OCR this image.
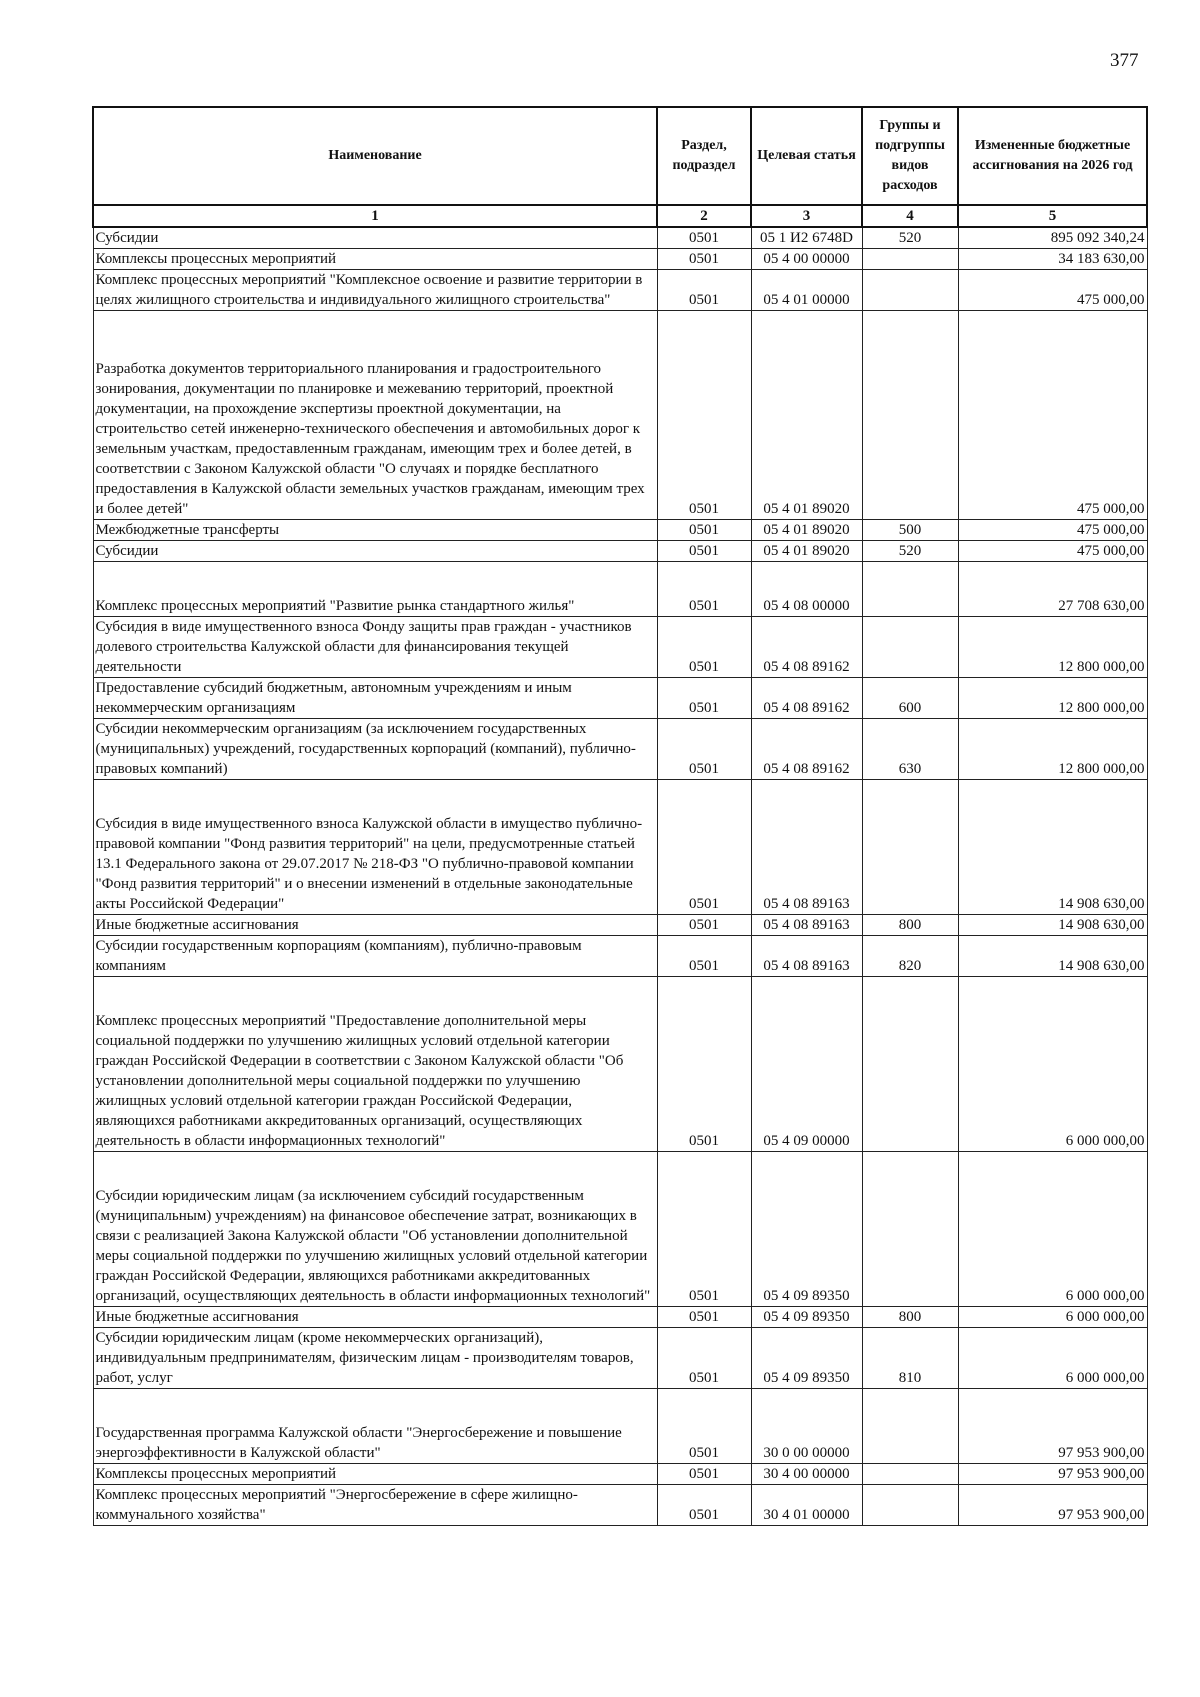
377
Наименование	Раздел, подраздел	Целевая статья	Группы и подгруппы видов расходов	Измененные бюджетные ассигнования на 2026 год
1	2	3	4	5
Субсидии	0501	05 1 И2 6748D	520	895 092 340,24
Комплексы процессных мероприятий	0501	05 4 00 00000		34 183 630,00
Комплекс процессных мероприятий "Комплексное освоение и развитие территории в целях жилищного строительства и индивидуального жилищного строительства"	0501	05 4 01 00000		475 000,00
Разработка документов территориального планирования и градостроительного зонирования, документации по планировке и межеванию территорий, проектной документации, на прохождение экспертизы проектной документации, на строительство сетей инженерно-технического обеспечения и автомобильных дорог к земельным участкам, предоставленным гражданам, имеющим трех и более детей, в соответствии с Законом Калужской области "О случаях и порядке бесплатного предоставления в Калужской области земельных участков гражданам, имеющим трех и более детей"	0501	05 4 01 89020		475 000,00
Межбюджетные трансферты	0501	05 4 01 89020	500	475 000,00
Субсидии	0501	05 4 01 89020	520	475 000,00
Комплекс процессных мероприятий "Развитие рынка стандартного жилья"	0501	05 4 08 00000		27 708 630,00
Субсидия в виде имущественного взноса Фонду защиты прав граждан - участников долевого строительства Калужской области для финансирования текущей деятельности	0501	05 4 08 89162		12 800 000,00
Предоставление субсидий бюджетным, автономным учреждениям и иным некоммерческим организациям	0501	05 4 08 89162	600	12 800 000,00
Субсидии некоммерческим организациям (за исключением государственных (муниципальных) учреждений, государственных корпораций (компаний), публично-правовых компаний)	0501	05 4 08 89162	630	12 800 000,00
Субсидия в виде имущественного взноса Калужской области в имущество публично-правовой компании "Фонд развития территорий" на цели, предусмотренные статьей 13.1 Федерального закона от 29.07.2017 № 218-ФЗ "О публично-правовой компании "Фонд развития территорий" и о внесении изменений в отдельные законодательные акты Российской Федерации"	0501	05 4 08 89163		14 908 630,00
Иные бюджетные ассигнования	0501	05 4 08 89163	800	14 908 630,00
Субсидии государственным корпорациям (компаниям), публично-правовым компаниям	0501	05 4 08 89163	820	14 908 630,00
Комплекс процессных мероприятий "Предоставление дополнительной меры социальной поддержки по улучшению жилищных условий отдельной категории граждан Российской Федерации в соответствии с Законом Калужской области "Об установлении дополнительной меры социальной поддержки по улучшению жилищных условий отдельной категории граждан Российской Федерации, являющихся работниками аккредитованных организаций, осуществляющих деятельность в области информационных технологий"	0501	05 4 09 00000		6 000 000,00
Субсидии юридическим лицам (за исключением субсидий государственным (муниципальным) учреждениям) на финансовое обеспечение затрат, возникающих в связи с реализацией Закона Калужской области "Об установлении дополнительной меры социальной поддержки по улучшению жилищных условий отдельной категории граждан Российской Федерации, являющихся работниками аккредитованных организаций, осуществляющих деятельность в области информационных технологий"	0501	05 4 09 89350		6 000 000,00
Иные бюджетные ассигнования	0501	05 4 09 89350	800	6 000 000,00
Субсидии юридическим лицам (кроме некоммерческих организаций), индивидуальным предпринимателям, физическим лицам - производителям товаров, работ, услуг	0501	05 4 09 89350	810	6 000 000,00
Государственная программа Калужской области "Энергосбережение и повышение энергоэффективности в Калужской области"	0501	30 0 00 00000		97 953 900,00
Комплексы процессных мероприятий	0501	30 4 00 00000		97 953 900,00
Комплекс процессных мероприятий "Энергосбережение в сфере жилищно-коммунального хозяйства"	0501	30 4 01 00000		97 953 900,00
